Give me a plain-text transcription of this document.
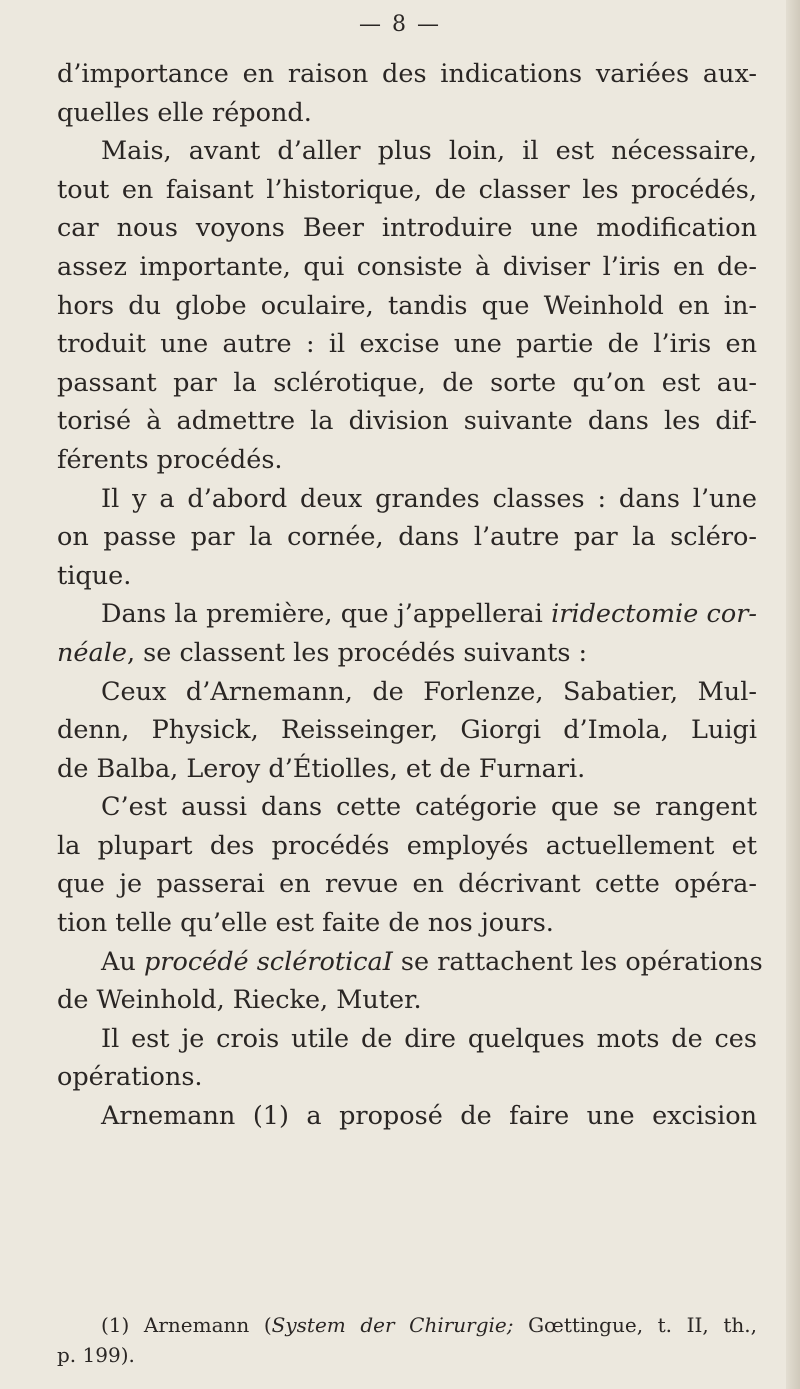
— 8 —
d’importance en raison des indications variées aux-
quelles elle répond.
Mais, avant d’aller plus loin, il est nécessaire,
tout en faisant l’historique, de classer les procédés,
car nous voyons Beer introduire une modification
assez importante, qui consiste à diviser l’iris en de-
hors du globe oculaire, tandis que Weinhold en in-
troduit une autre : il excise une partie de l’iris en
passant par la sclérotique, de sorte qu’on est au-
torisé à admettre la division suivante dans les dif-
férents procédés.
Il y a d’abord deux grandes classes : dans l’une
on passe par la cornée, dans l’autre par la scléro-
tique.
Dans la première, que j’appellerai iridectomie cor-
néale, se classent les procédés suivants :
Ceux d’Arnemann, de Forlenze, Sabatier, Mul-
denn, Physick, Reisseinger, Giorgi d’Imola, Luigi
de Balba, Leroy d’Étiolles, et de Furnari.
C’est aussi dans cette catégorie que se rangent
la plupart des procédés employés actuellement et
que je passerai en revue en décrivant cette opéra-
tion telle qu’elle est faite de nos jours.
Au procédé scléroticaI se rattachent les opérations
de Weinhold, Riecke, Muter.
Il est je crois utile de dire quelques mots de ces
opérations.
Arnemann (1) a proposé de faire une excision
(1) Arnemann (System der Chirurgie; Gœttingue, t. II, th.,
p. 199).
